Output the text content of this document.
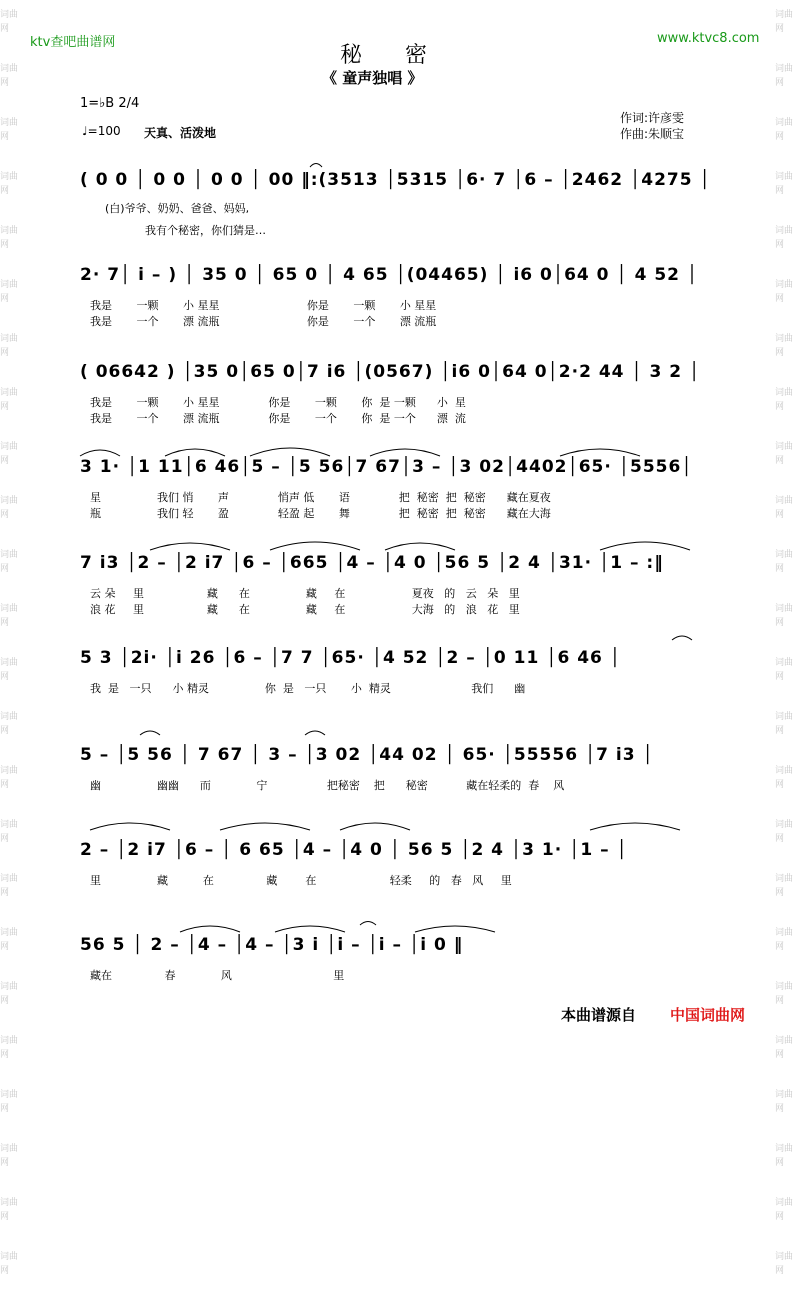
词曲网
词曲网
词曲网
词曲网
词曲网
词曲网
词曲网
词曲网
词曲网
词曲网
词曲网
词曲网
词曲网
词曲网
词曲网
词曲网
词曲网
词曲网
词曲网
词曲网
词曲网
词曲网
词曲网
词曲网
词曲网
词曲网
词曲网
词曲网
词曲网
词曲网
词曲网
词曲网
词曲网
词曲网
词曲网
词曲网
词曲网
词曲网
词曲网
词曲网
词曲网
词曲网
词曲网
词曲网
词曲网
词曲网
词曲网
词曲网
ktv查吧曲谱网	www.ktvc8.com
秘 密
《 童声独唱 》
1=♭B 2/4
♩=100 天真、活泼地
作词:许彦雯
作曲:朱顺宝
( 0 0 │ 0 0 │ 0 0 │ 00 ‖:(3513 │5315 │6· 7 │6 – │2462 │4275 │
(白)爷爷、奶奶、爸爸、妈妈,
我有个秘密，你们猜是…
2· 7│ i – ) │ 35 0 │ 65 0 │ 4 65 │(04465) │ i6 0│64 0 │ 4 52 │
我是       一颗       小 星星                         你是       一颗       小 星星
我是       一个       漂 流瓶                         你是       一个       漂 流瓶
( 06642 ) │35 0│65 0│7 i6 │(0567) │i6 0│64 0│2·2 44 │ 3 2 │
我是       一颗       小 星星              你是       一颗       你  是 一颗      小  星
我是       一个       漂 流瓶              你是       一个       你  是 一个      漂  流
3 1· │1 11│6 46│5 – │5 56│7 67│3 – │3 02│4402│65· │5556│
星                我们 悄       声              悄声 低       语              把  秘密  把  秘密      藏在夏夜
瓶                我们 轻       盈              轻盈 起       舞              把  秘密  把  秘密      藏在大海
7 i3 │2 – │2 i7 │6 – │665 │4 – │4 0 │56 5 │2 4 │31· │1 – :‖
云 朵     里                  藏      在                藏     在                   夏夜   的   云   朵   里
浪 花     里                  藏      在                藏     在                   大海   的   浪   花   里
5 3 │2i· │i 26 │6 – │7 7 │65· │4 52 │2 – │0 11 │6 46 │
我  是   一只      小 精灵                你  是   一只       小  精灵                       我们      幽
5 – │5 56 │ 7 67 │ 3 – │3 02 │44 02 │ 65· │55556 │7 i3 │
幽                幽幽      而             宁                 把秘密    把      秘密           藏在轻柔的  春    风
2 – │2 i7 │6 – │ 6 65 │4 – │4 0 │ 56 5 │2 4 │3 1· │1 – │
里                藏          在               藏        在                     轻柔     的   春   风     里
56 5 │ 2 – │4 – │4 – │3 i │i – │i – │i 0 ‖
藏在               春             风                             里
本曲谱源自 中国词曲网
